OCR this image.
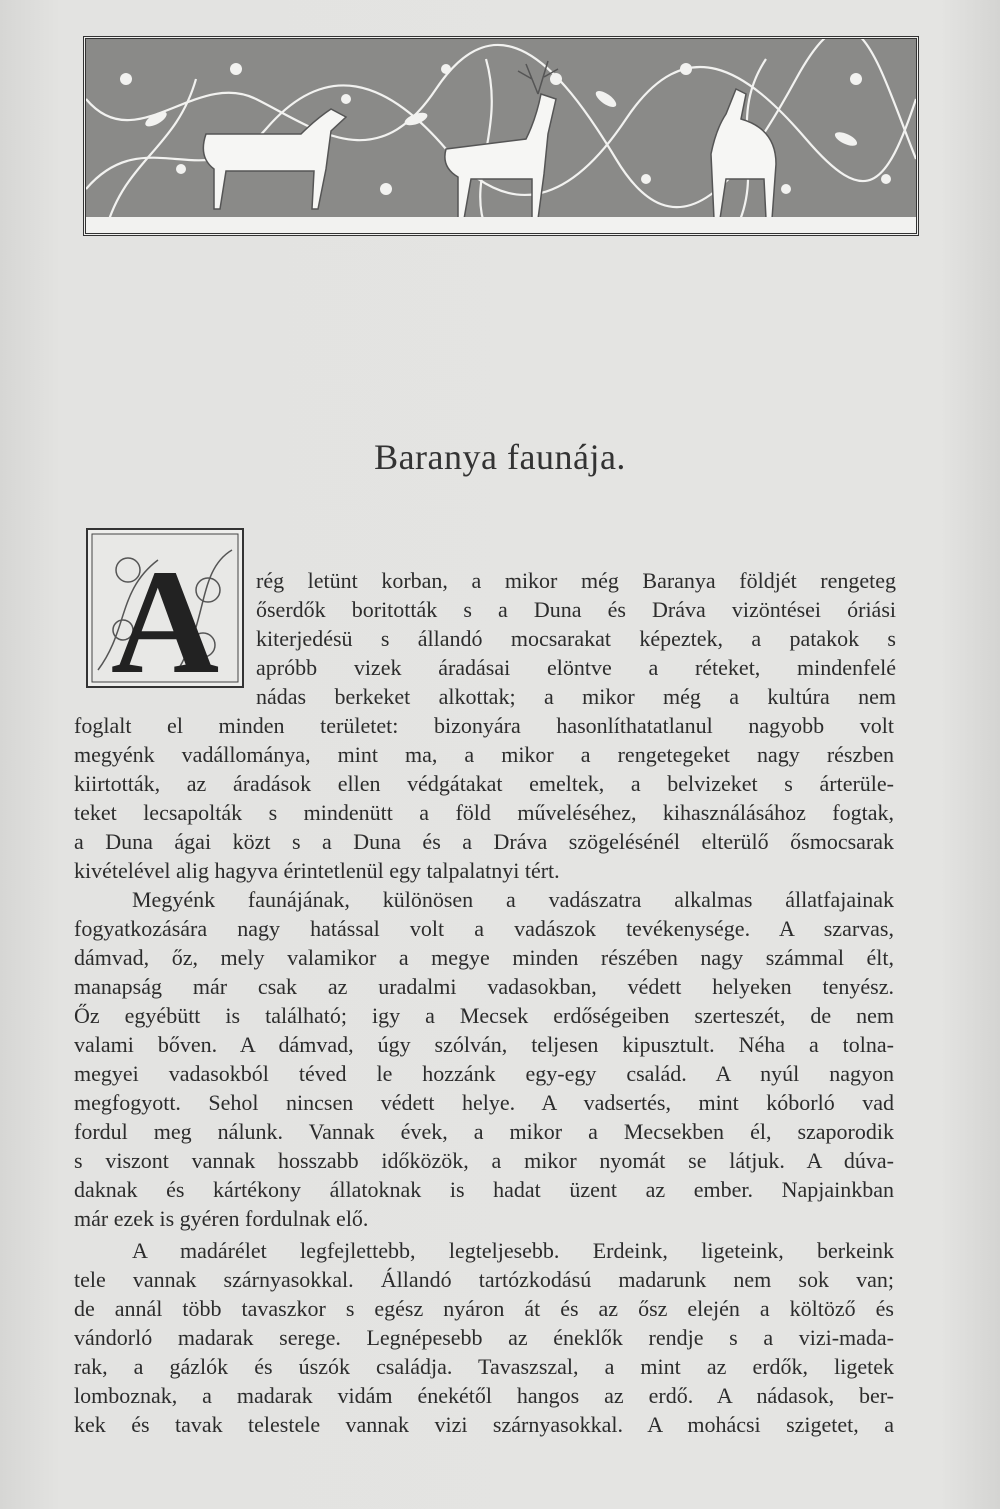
Baranya faunája.
A rég letünt korban, a mikor még Baranya földjét rengeteg
őserdők boritották s a Duna és Dráva vizöntései óriási
kiterjedésü s állandó mocsarakat képeztek, a patakok s
apróbb vizek áradásai elöntve a réteket, mindenfelé
nádas berkeket alkottak; a mikor még a kultúra nem
foglalt el minden területet: bizonyára hasonlíthatatlanul nagyobb volt
megyénk vadállománya, mint ma, a mikor a rengetegeket nagy részben
kiirtották, az áradások ellen védgátakat emeltek, a belvizeket s árterüle-
teket lecsapolták s mindenütt a föld műveléséhez, kihasználásához fogtak,
a Duna ágai közt s a Duna és a Dráva szögelésénél elterülő ősmocsarak
kivételével alig hagyva érintetlenül egy talpalatnyi tért.
Megyénk faunájának, különösen a vadászatra alkalmas állatfajainak
fogyatkozására nagy hatással volt a vadászok tevékenysége. A szarvas,
dámvad, őz, mely valamikor a megye minden részében nagy számmal élt,
manapság már csak az uradalmi vadasokban, védett helyeken tenyész.
Őz egyébütt is található; igy a Mecsek erdőségeiben szerteszét, de nem
valami bőven. A dámvad, úgy szólván, teljesen kipusztult. Néha a tolna-
megyei vadasokból téved le hozzánk egy-egy család. A nyúl nagyon
megfogyott. Sehol nincsen védett helye. A vadsertés, mint kóborló vad
fordul meg nálunk. Vannak évek, a mikor a Mecsekben él, szaporodik
s viszont vannak hosszabb időközök, a mikor nyomát se látjuk. A dúva-
daknak és kártékony állatoknak is hadat üzent az ember. Napjainkban
már ezek is gyéren fordulnak elő.
A madárélet legfejlettebb, legteljesebb. Erdeink, ligeteink, berkeink
tele vannak szárnyasokkal. Állandó tartózkodású madarunk nem sok van;
de annál több tavaszkor s egész nyáron át és az ősz elején a költöző és
vándorló madarak serege. Legnépesebb az éneklők rendje s a vizi-mada-
rak, a gázlók és úszók családja. Tavaszszal, a mint az erdők, ligetek
lomboznak, a madarak vidám énekétől hangos az erdő. A nádasok, ber-
kek és tavak telestele vannak vizi szárnyasokkal. A mohácsi szigetet, a
